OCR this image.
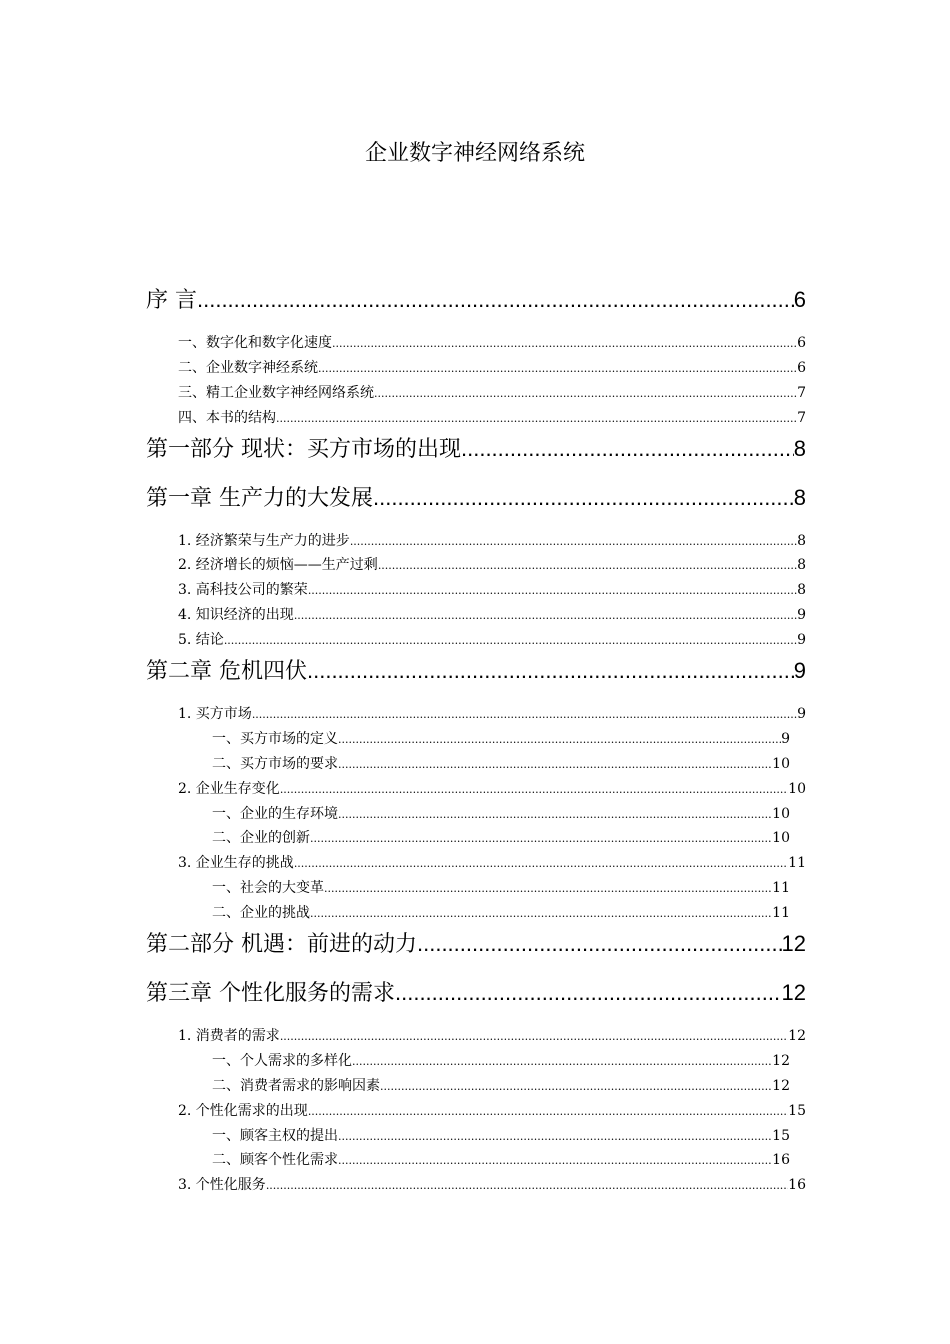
企业数字神经网络系统
序 言 .....	6
一、数字化和数字化速度 .....	6
二、企业数字神经系统 .....	6
三、精工企业数字神经网络系统 .....	7
四、本书的结构 .....	7
第一部分 现状：买方市场的出现 .....	8
第一章 生产力的大发展 .....	8
1. 经济繁荣与生产力的进步 .....	8
2. 经济增长的烦恼——生产过剩 .....	8
3. 高科技公司的繁荣 .....	8
4. 知识经济的出现 .....	9
5. 结论 .....	9
第二章 危机四伏 .....	9
1. 买方市场 .....	9
一、买方市场的定义 .....	9
二、买方市场的要求 .....	10
2. 企业生存变化 .....	10
一、企业的生存环境 .....	10
二、企业的创新 .....	10
3. 企业生存的挑战 .....	11
一、社会的大变革 .....	11
二、企业的挑战 .....	11
第二部分 机遇：前进的动力 .....	12
第三章 个性化服务的需求 .....	12
1. 消费者的需求 .....	12
一、个人需求的多样化 .....	12
二、消费者需求的影响因素 .....	12
2. 个性化需求的出现 .....	15
一、顾客主权的提出 .....	15
二、顾客个性化需求 .....	16
3. 个性化服务 .....	16
